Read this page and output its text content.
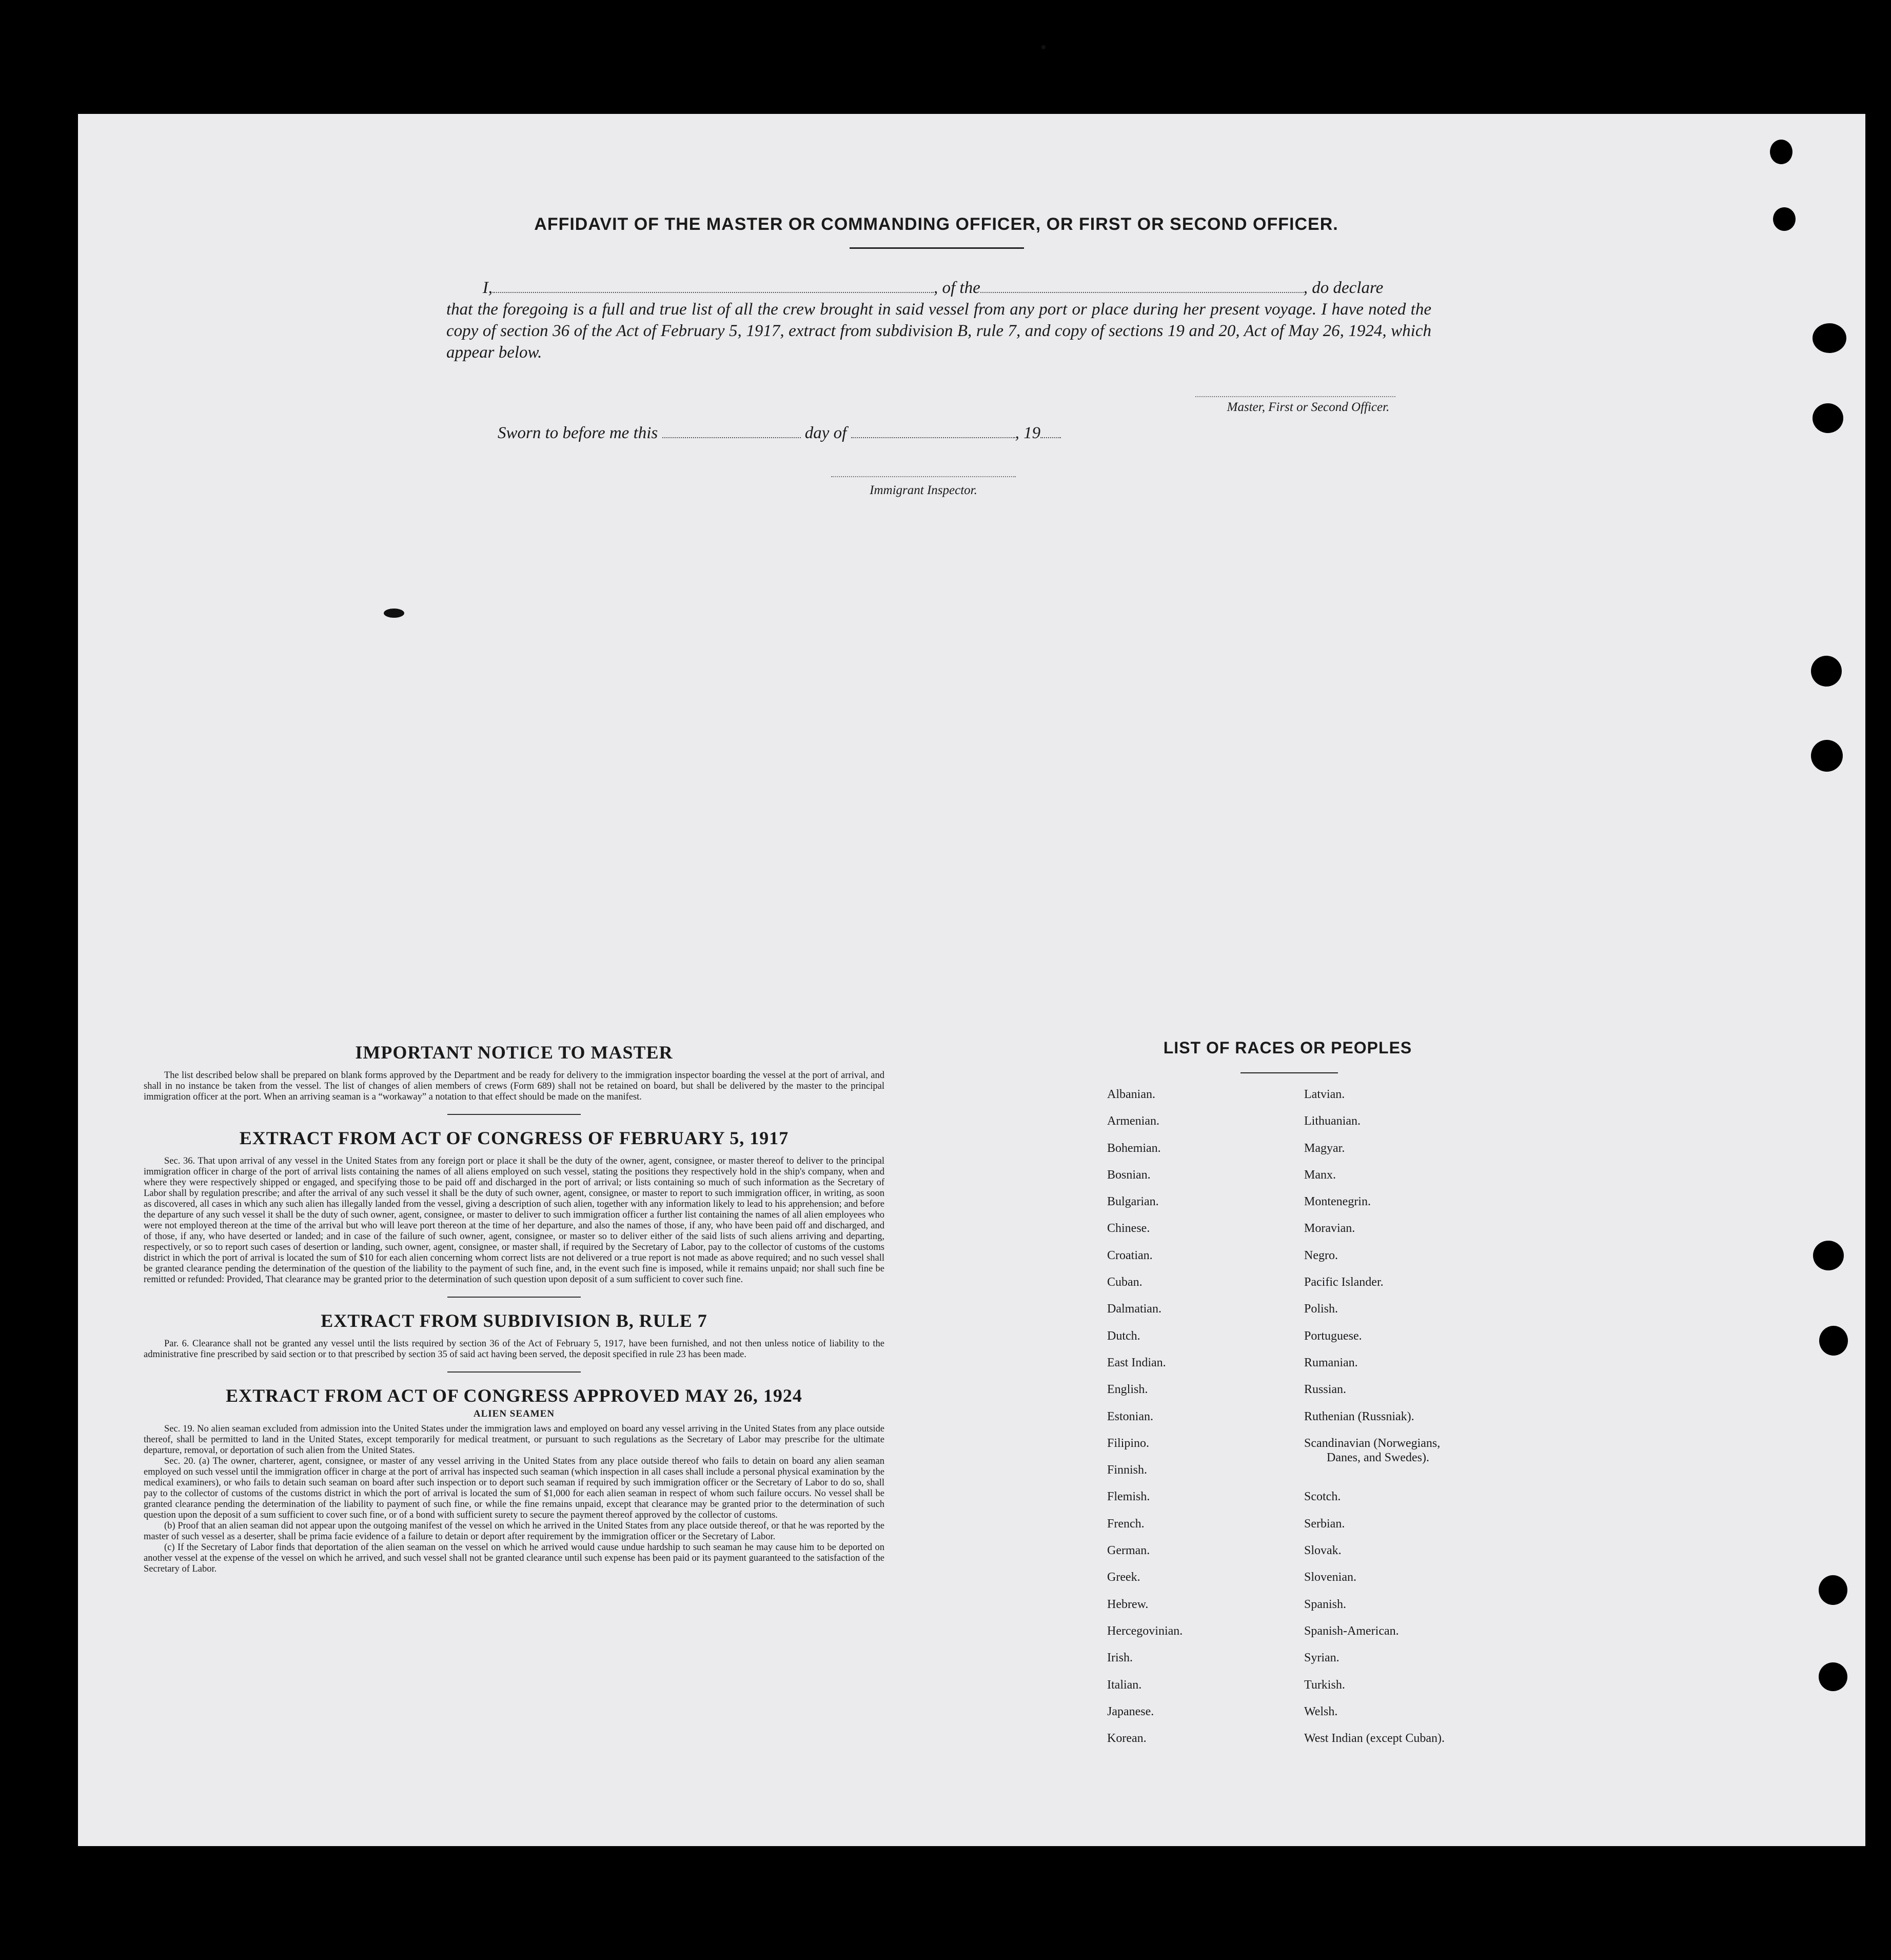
AFFIDAVIT OF THE MASTER OR COMMANDING OFFICER, OR FIRST OR SECOND OFFICER.
I,	, of the	, do declare
that the foregoing is a full and true list of all the crew brought in said vessel from any port or place during her present voyage. I have noted the copy of section 36 of the Act of February 5, 1917, extract from subdivision B, rule 7, and copy of sections 19 and 20, Act of May 26, 1924, which appear below.
Master, First or Second Officer.
Sworn to before me this	day of	, 19
Immigrant Inspector.
IMPORTANT NOTICE TO MASTER

The list described below shall be prepared on blank forms approved by the Department and be ready for delivery to the immigration inspector boarding the vessel at the port of arrival, and shall in no instance be taken from the vessel. The list of changes of alien members of crews (Form 689) shall not be retained on board, but shall be delivered by the master to the principal immigration officer at the port. When an arriving seaman is a “workaway” a notation to that effect should be made on the manifest.

EXTRACT FROM ACT OF CONGRESS OF FEBRUARY 5, 1917

Sec. 36. That upon arrival of any vessel in the United States from any foreign port or place it shall be the duty of the owner, agent, consignee, or master thereof to deliver to the principal immigration officer in charge of the port of arrival lists containing the names of all aliens employed on such vessel, stating the positions they respectively hold in the ship's company, when and where they were respectively shipped or engaged, and specifying those to be paid off and discharged in the port of arrival; or lists containing so much of such information as the Secretary of Labor shall by regulation prescribe; and after the arrival of any such vessel it shall be the duty of such owner, agent, consignee, or master to report to such immigration officer, in writing, as soon as discovered, all cases in which any such alien has illegally landed from the vessel, giving a description of such alien, together with any information likely to lead to his apprehension; and before the departure of any such vessel it shall be the duty of such owner, agent, consignee, or master to deliver to such immigration officer a further list containing the names of all alien employees who were not employed thereon at the time of the arrival but who will leave port thereon at the time of her departure, and also the names of those, if any, who have been paid off and discharged, and of those, if any, who have deserted or landed; and in case of the failure of such owner, agent, consignee, or master so to deliver either of the said lists of such aliens arriving and departing, respectively, or so to report such cases of desertion or landing, such owner, agent, consignee, or master shall, if required by the Secretary of Labor, pay to the collector of customs of the customs district in which the port of arrival is located the sum of $10 for each alien concerning whom correct lists are not delivered or a true report is not made as above required; and no such vessel shall be granted clearance pending the determination of the question of the liability to the payment of such fine, and, in the event such fine is imposed, while it remains unpaid; nor shall such fine be remitted or refunded: Provided, That clearance may be granted prior to the determination of such question upon deposit of a sum sufficient to cover such fine.

EXTRACT FROM SUBDIVISION B, RULE 7

Par. 6. Clearance shall not be granted any vessel until the lists required by section 36 of the Act of February 5, 1917, have been furnished, and not then unless notice of liability to the administrative fine prescribed by said section or to that prescribed by section 35 of said act having been served, the deposit specified in rule 23 has been made.

EXTRACT FROM ACT OF CONGRESS APPROVED MAY 26, 1924
ALIEN SEAMEN

Sec. 19. No alien seaman excluded from admission into the United States under the immigration laws and employed on board any vessel arriving in the United States from any place outside thereof, shall be permitted to land in the United States, except temporarily for medical treatment, or pursuant to such regulations as the Secretary of Labor may prescribe for the ultimate departure, removal, or deportation of such alien from the United States.

Sec. 20. (a) The owner, charterer, agent, consignee, or master of any vessel arriving in the United States from any place outside thereof who fails to detain on board any alien seaman employed on such vessel until the immigration officer in charge at the port of arrival has inspected such seaman (which inspection in all cases shall include a personal physical examination by the medical examiners), or who fails to detain such seaman on board after such inspection or to deport such seaman if required by such immigration officer or the Secretary of Labor to do so, shall pay to the collector of customs of the customs district in which the port of arrival is located the sum of $1,000 for each alien seaman in respect of whom such failure occurs. No vessel shall be granted clearance pending the determination of the liability to payment of such fine, or while the fine remains unpaid, except that clearance may be granted prior to the determination of such question upon the deposit of a sum sufficient to cover such fine, or of a bond with sufficient surety to secure the payment thereof approved by the collector of customs.

(b) Proof that an alien seaman did not appear upon the outgoing manifest of the vessel on which he arrived in the United States from any place outside thereof, or that he was reported by the master of such vessel as a deserter, shall be prima facie evidence of a failure to detain or deport after requirement by the immigration officer or the Secretary of Labor.

(c) If the Secretary of Labor finds that deportation of the alien seaman on the vessel on which he arrived would cause undue hardship to such seaman he may cause him to be deported on another vessel at the expense of the vessel on which he arrived, and such vessel shall not be granted clearance until such expense has been paid or its payment guaranteed to the satisfaction of the Secretary of Labor.

LIST OF RACES OR PEOPLES
Albanian.
Armenian.
Bohemian.
Bosnian.
Bulgarian.
Chinese.
Croatian.
Cuban.
Dalmatian.
Dutch.
East Indian.
English.
Estonian.
Filipino.
Finnish.
Flemish.
French.
German.
Greek.
Hebrew.
Hercegovinian.
Irish.
Italian.
Japanese.
Korean.
Latvian.
Lithuanian.
Magyar.
Manx.
Montenegrin.
Moravian.
Negro.
Pacific Islander.
Polish.
Portuguese.
Rumanian.
Russian.
Ruthenian (Russniak).
Scandinavian (Norwegians,
Danes, and Swedes).
Scotch.
Serbian.
Slovak.
Slovenian.
Spanish.
Spanish-American.
Syrian.
Turkish.
Welsh.
West Indian (except Cuban).
